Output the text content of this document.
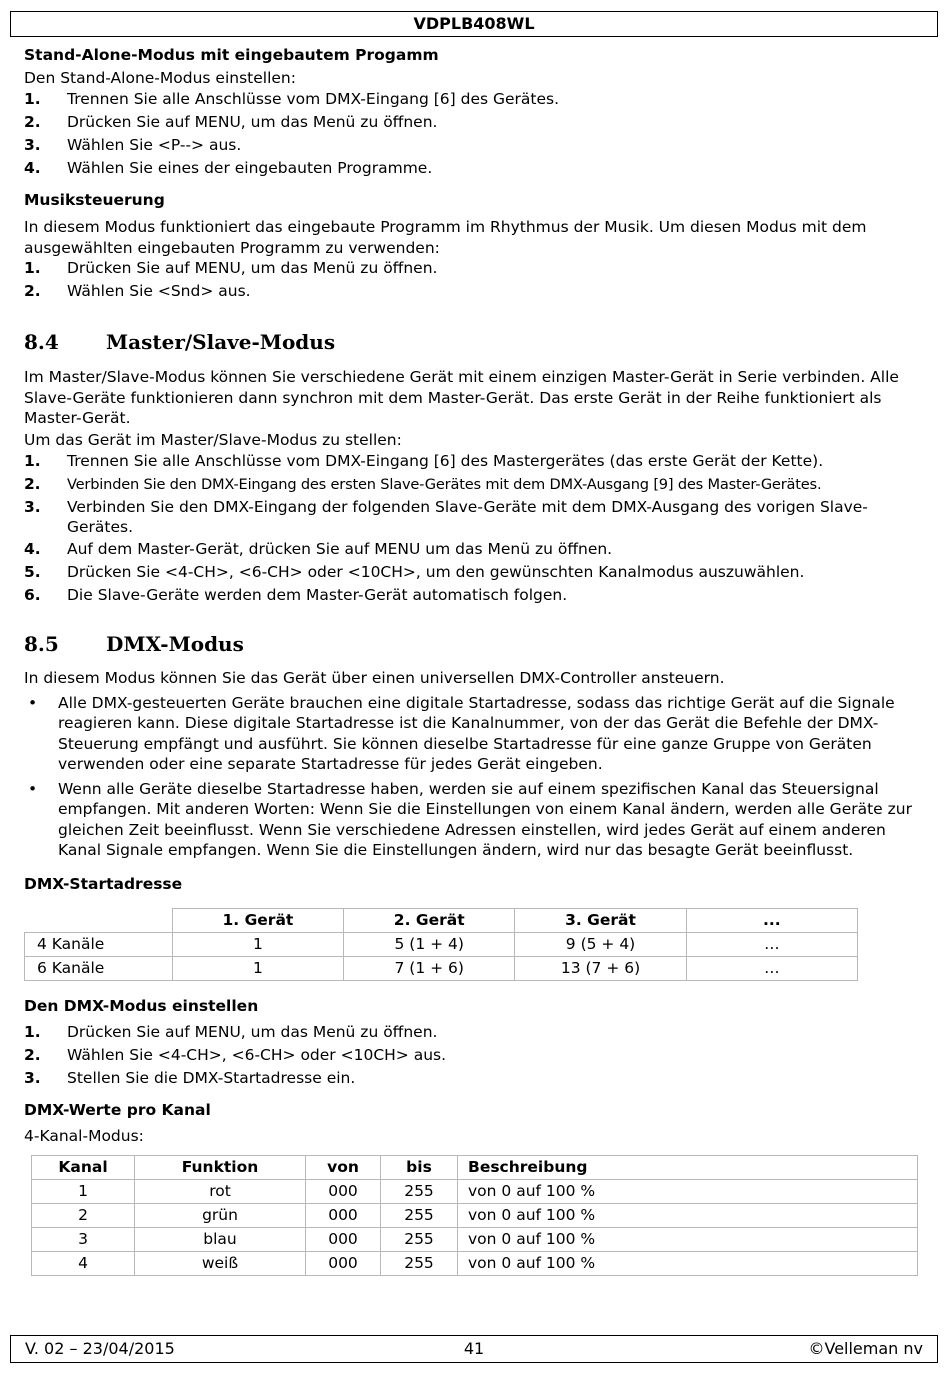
VDPLB408WL
Stand-Alone-Modus mit eingebautem Progamm

Den Stand-Alone-Modus einstellen:

1. Trennen Sie alle Anschlüsse vom DMX-Eingang [6] des Gerätes.
2. Drücken Sie auf MENU, um das Menü zu öffnen.
3. Wählen Sie <P--> aus.
4. Wählen Sie eines der eingebauten Programme.
Musiksteuerung

In diesem Modus funktioniert das eingebaute Programm im Rhythmus der Musik. Um diesen Modus mit dem ausgewählten eingebauten Programm zu verwenden:

1. Drücken Sie auf MENU, um das Menü zu öffnen.
2. Wählen Sie <Snd> aus.
8.4 Master/Slave-Modus

Im Master/Slave-Modus können Sie verschiedene Gerät mit einem einzigen Master-Gerät in Serie verbinden. Alle Slave-Geräte funktionieren dann synchron mit dem Master-Gerät. Das erste Gerät in der Reihe funktioniert als Master-Gerät.

Um das Gerät im Master/Slave-Modus zu stellen:

1. Trennen Sie alle Anschlüsse vom DMX-Eingang [6] des Mastergerätes (das erste Gerät der Kette).
2. Verbinden Sie den DMX-Eingang des ersten Slave-Gerätes mit dem DMX-Ausgang [9] des Master-Gerätes.
3. Verbinden Sie den DMX-Eingang der folgenden Slave-Geräte mit dem DMX-Ausgang des vorigen Slave-Gerätes.
4. Auf dem Master-Gerät, drücken Sie auf MENU um das Menü zu öffnen.
5. Drücken Sie <4-CH>, <6-CH> oder <10CH>, um den gewünschten Kanalmodus auszuwählen.
6. Die Slave-Geräte werden dem Master-Gerät automatisch folgen.
8.5 DMX-Modus

In diesem Modus können Sie das Gerät über einen universellen DMX-Controller ansteuern.

• Alle DMX-gesteuerten Geräte brauchen eine digitale Startadresse, sodass das richtige Gerät auf die Signale reagieren kann. Diese digitale Startadresse ist die Kanalnummer, von der das Gerät die Befehle der DMX-Steuerung empfängt und ausführt. Sie können dieselbe Startadresse für eine ganze Gruppe von Geräten verwenden oder eine separate Startadresse für jedes Gerät eingeben.
• Wenn alle Geräte dieselbe Startadresse haben, werden sie auf einem spezifischen Kanal das Steuersignal empfangen. Mit anderen Worten: Wenn Sie die Einstellungen von einem Kanal ändern, werden alle Geräte zur gleichen Zeit beeinflusst. Wenn Sie verschiedene Adressen einstellen, wird jedes Gerät auf einem anderen Kanal Signale empfangen. Wenn Sie die Einstellungen ändern, wird nur das besagte Gerät beeinflusst.
DMX-Startadresse
	1. Gerät	2. Gerät	3. Gerät	...
4 Kanäle	1	5 (1 + 4)	9 (5 + 4)	…
6 Kanäle	1	7 (1 + 6)	13 (7 + 6)	…
Den DMX-Modus einstellen
1. Drücken Sie auf MENU, um das Menü zu öffnen.
2. Wählen Sie <4-CH>, <6-CH> oder <10CH> aus.
3. Stellen Sie die DMX-Startadresse ein.
DMX-Werte pro Kanal

4-Kanal-Modus:

Kanal	Funktion	von	bis	Beschreibung
1	rot	000	255	von 0 auf 100 %
2	grün	000	255	von 0 auf 100 %
3	blau	000	255	von 0 auf 100 %
4	weiß	000	255	von 0 auf 100 %
V. 02 – 23/04/2015	41	©Velleman nv
